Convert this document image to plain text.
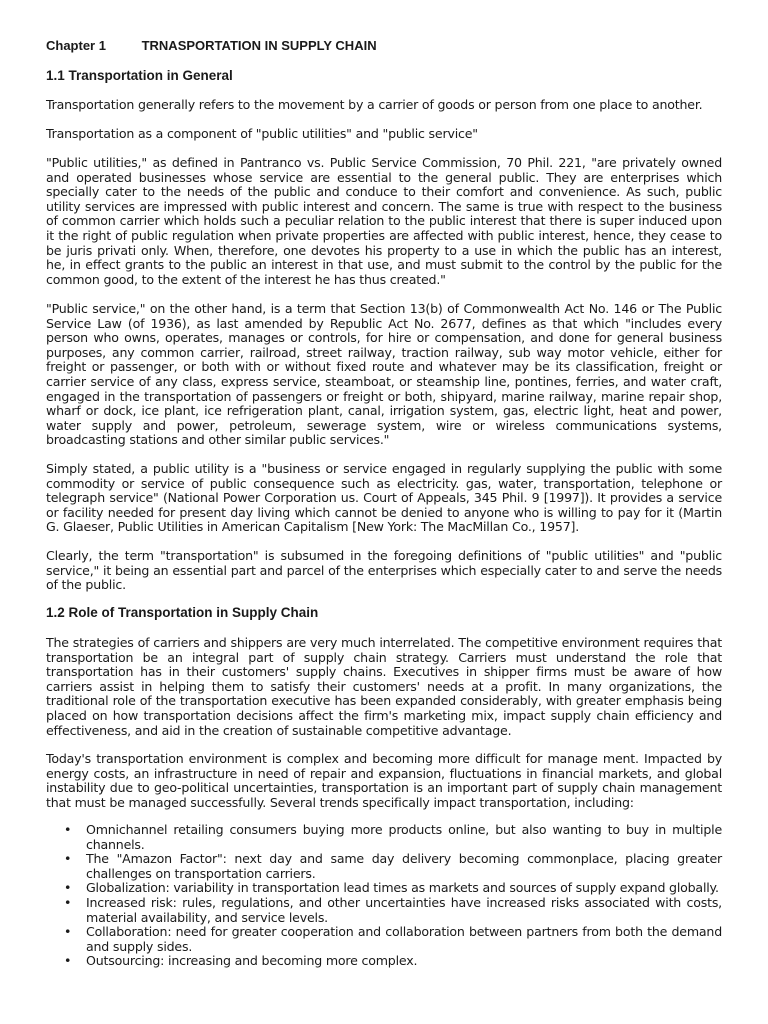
Chapter 1	TRNASPORTATION IN SUPPLY CHAIN
1.1 Transportation in General
Transportation generally refers to the movement by a carrier of goods or person from one place to another.
Transportation as a component of "public utilities" and "public service"
"Public utilities," as defined in Pantranco vs. Public Service Commission, 70 Phil. 221, "are privately owned and operated businesses whose service are essential to the general public. They are enterprises which specially cater to the needs of the public and conduce to their comfort and convenience. As such, public utility services are impressed with public interest and concern. The same is true with respect to the business of common carrier which holds such a peculiar relation to the public interest that there is super induced upon it the right of public regulation when private properties are affected with public interest, hence, they cease to be juris privati only. When, therefore, one devotes his property to a use in which the public has an interest, he, in effect grants to the public an interest in that use, and must submit to the control by the public for the common good, to the extent of the interest he has thus created."
"Public service," on the other hand, is a term that Section 13(b) of Commonwealth Act No. 146 or The Public Service Law (of 1936), as last amended by Republic Act No. 2677, defines as that which "includes every person who owns, operates, manages or controls, for hire or compensation, and done for general business purposes, any common carrier, railroad, street railway, traction railway, sub way motor vehicle, either for freight or passenger, or both with or without fixed route and whatever may be its classification, freight or carrier service of any class, express service, steamboat, or steamship line, pontines, ferries, and water craft, engaged in the transportation of passengers or freight or both, shipyard, marine railway, marine repair shop, wharf or dock, ice plant, ice refrigeration plant, canal, irrigation system, gas, electric light, heat and power, water supply and power, petroleum, sewerage system, wire or wireless communications systems, broadcasting stations and other similar public services."
Simply stated, a public utility is a "business or service engaged in regularly supplying the public with some commodity or service of public consequence such as electricity. gas, water, transportation, telephone or telegraph service" (National Power Corporation us. Court of Appeals, 345 Phil. 9 [1997]). It provides a service or facility needed for present day living which cannot be denied to anyone who is willing to pay for it (Martin G. Glaeser, Public Utilities in American Capitalism [New York: The MacMillan Co., 1957].
Clearly, the term "transportation" is subsumed in the foregoing definitions of "public utilities" and "public service," it being an essential part and parcel of the enterprises which especially cater to and serve the needs of the public.
1.2 Role of Transportation in Supply Chain
The strategies of carriers and shippers are very much interrelated. The competitive environment requires that transportation be an integral part of supply chain strategy. Carriers must understand the role that transportation has in their customers' supply chains. Executives in shipper firms must be aware of how carriers assist in helping them to satisfy their customers' needs at a profit. In many organizations, the traditional role of the transportation executive has been expanded considerably, with greater emphasis being placed on how transportation decisions affect the firm's marketing mix, impact supply chain efficiency and effectiveness, and aid in the creation of sustainable competitive advantage.
Today's transportation environment is complex and becoming more difficult for manage ment. Impacted by energy costs, an infrastructure in need of repair and expansion, fluctuations in financial markets, and global instability due to geo-political uncertainties, transportation is an important part of supply chain management that must be managed successfully. Several trends specifically impact transportation, including:
• Omnichannel retailing consumers buying more products online, but also wanting to buy in multiple channels.
• The "Amazon Factor": next day and same day delivery becoming commonplace, placing greater challenges on transportation carriers.
• Globalization: variability in transportation lead times as markets and sources of supply expand globally.
• Increased risk: rules, regulations, and other uncertainties have increased risks associated with costs, material availability, and service levels.
• Collaboration: need for greater cooperation and collaboration between partners from both the demand and supply sides.
• Outsourcing: increasing and becoming more complex.
